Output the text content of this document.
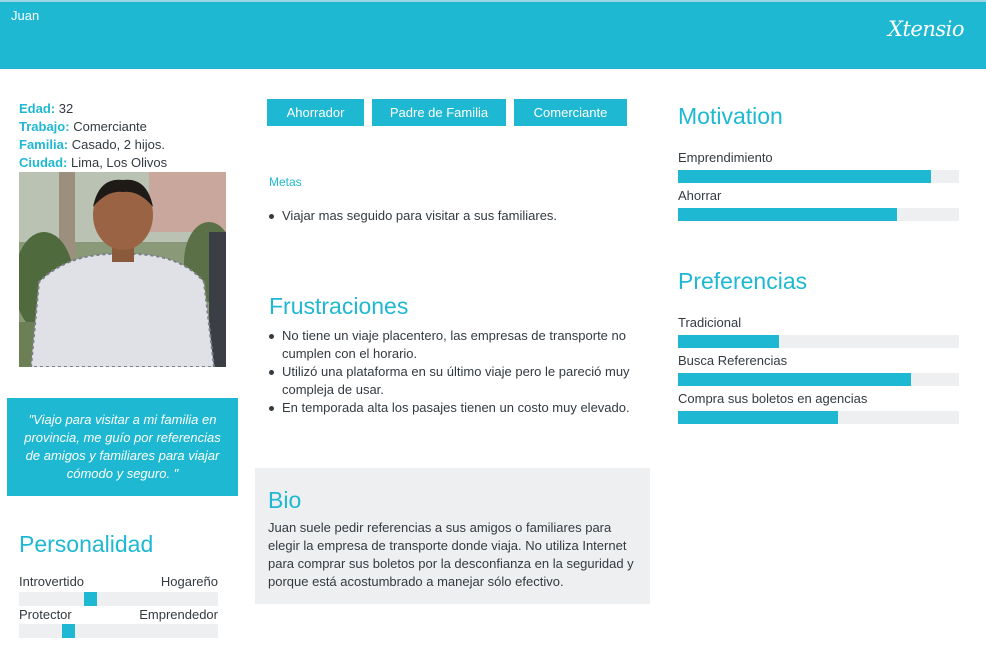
Juan
Xtensio
Edad: 32
Trabajo: Comerciante
Familia: Casado, 2 hijos.
Ciudad: Lima, Los Olivos
"Viajo para visitar a mi familia en provincia, me guío por referencias de amigos y familiares para viajar cómodo y seguro. "
Personalidad
Introvertido	Hogareño
Protector	Emprendedor
Ahorrador	Padre de Familia	Comerciante
Metas
Viajar mas seguido para visitar a sus familiares.
Frustraciones
No tiene un viaje placentero, las empresas de transporte no cumplen con el horario.
Utilizó una plataforma en su último viaje pero le pareció muy compleja de usar.
En temporada alta los pasajes tienen un costo muy elevado.
Bio
Juan suele pedir referencias a sus amigos o familiares para elegir la empresa de transporte donde viaja. No utiliza Internet para comprar sus boletos por la desconfianza en la seguridad y porque está acostumbrado a manejar sólo efectivo.
Motivation
Emprendimiento
Ahorrar
Preferencias
Tradicional
Busca Referencias
Compra sus boletos en agencias
